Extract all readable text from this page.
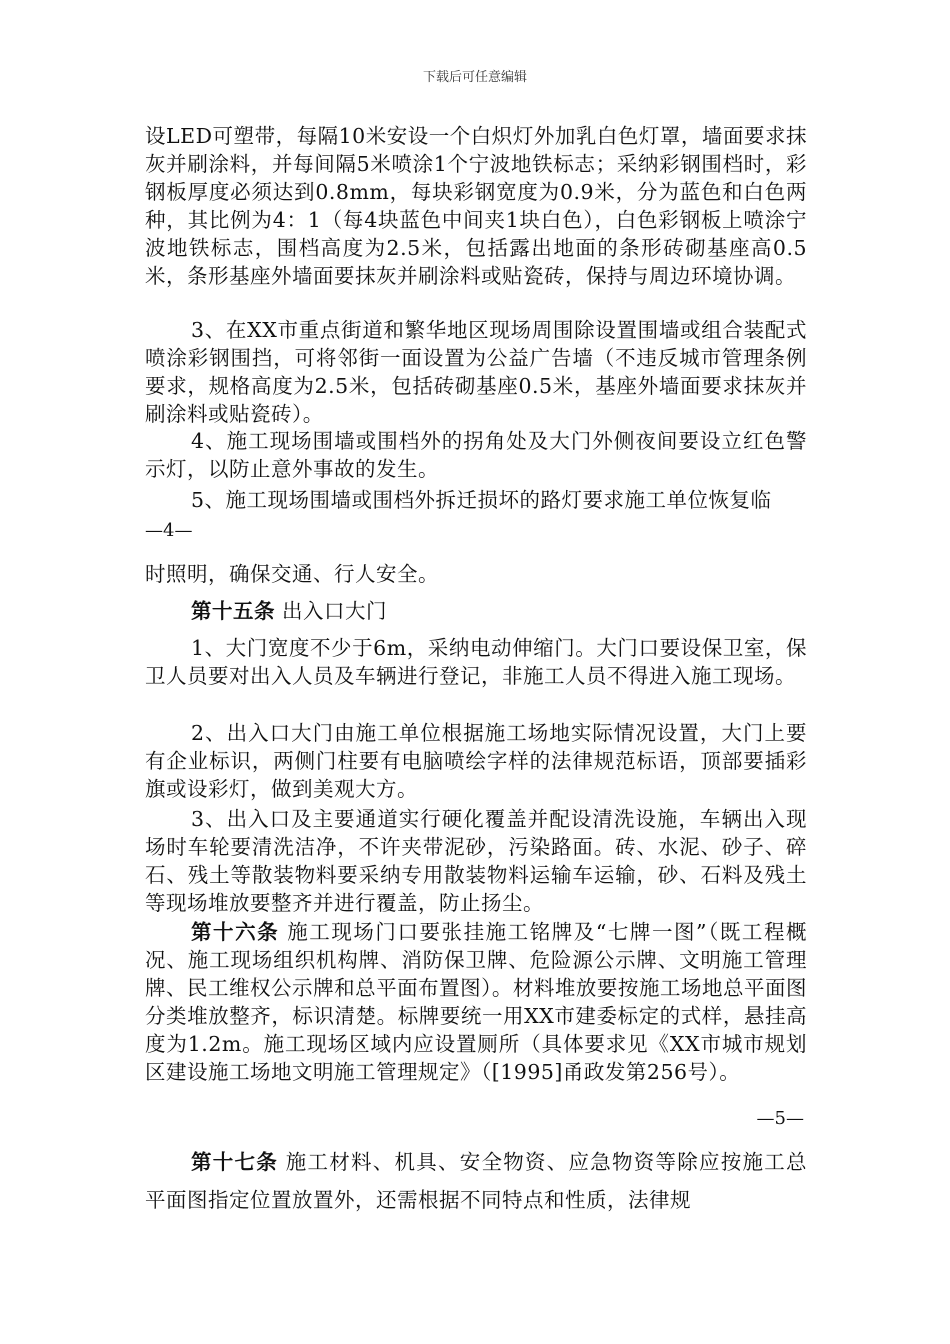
下载后可任意编辑
设LED可塑带，每隔10米安设一个白炽灯外加乳白色灯罩，墙面要求抹灰并刷涂料，并每间隔5米喷涂1个宁波地铁标志；采纳彩钢围档时，彩钢板厚度必须达到0.8mm，每块彩钢宽度为0.9米，分为蓝色和白色两种，其比例为4：1（每4块蓝色中间夹1块白色），白色彩钢板上喷涂宁波地铁标志，围档高度为2.5米，包括露出地面的条形砖砌基座高0.5米，条形基座外墙面要抹灰并刷涂料或贴瓷砖，保持与周边环境协调。
3、在XX市重点街道和繁华地区现场周围除设置围墙或组合装配式喷涂彩钢围挡，可将邻街一面设置为公益广告墙（不违反城市管理条例要求，规格高度为2.5米，包括砖砌基座0.5米，基座外墙面要求抹灰并刷涂料或贴瓷砖）。
4、施工现场围墙或围档外的拐角处及大门外侧夜间要设立红色警示灯，以防止意外事故的发生。
5、施工现场围墙或围档外拆迁损坏的路灯要求施工单位恢复临
—4—
时照明，确保交通、行人安全。
第十五条 出入口大门
1、大门宽度不少于6m，采纳电动伸缩门。大门口要设保卫室，保卫人员要对出入人员及车辆进行登记，非施工人员不得进入施工现场。
2、出入口大门由施工单位根据施工场地实际情况设置，大门上要有企业标识，两侧门柱要有电脑喷绘字样的法律规范标语，顶部要插彩旗或设彩灯，做到美观大方。
3、出入口及主要通道实行硬化覆盖并配设清洗设施，车辆出入现场时车轮要清洗洁净，不许夹带泥砂，污染路面。砖、水泥、砂子、碎石、残土等散装物料要采纳专用散装物料运输车运输，砂、石料及残土等现场堆放要整齐并进行覆盖，防止扬尘。
第十六条 施工现场门口要张挂施工铭牌及“七牌一图”（既工程概况、施工现场组织机构牌、消防保卫牌、危险源公示牌、文明施工管理牌、民工维权公示牌和总平面布置图）。材料堆放要按施工场地总平面图分类堆放整齐，标识清楚。标牌要统一用XX市建委标定的式样，悬挂高度为1.2m。施工现场区域内应设置厕所（具体要求见《XX市城市规划区建设施工场地文明施工管理规定》（[1995]甬政发第256号）。
—5—
第十七条 施工材料、机具、安全物资、应急物资等除应按施工总平面图指定位置放置外，还需根据不同特点和性质，法律规
